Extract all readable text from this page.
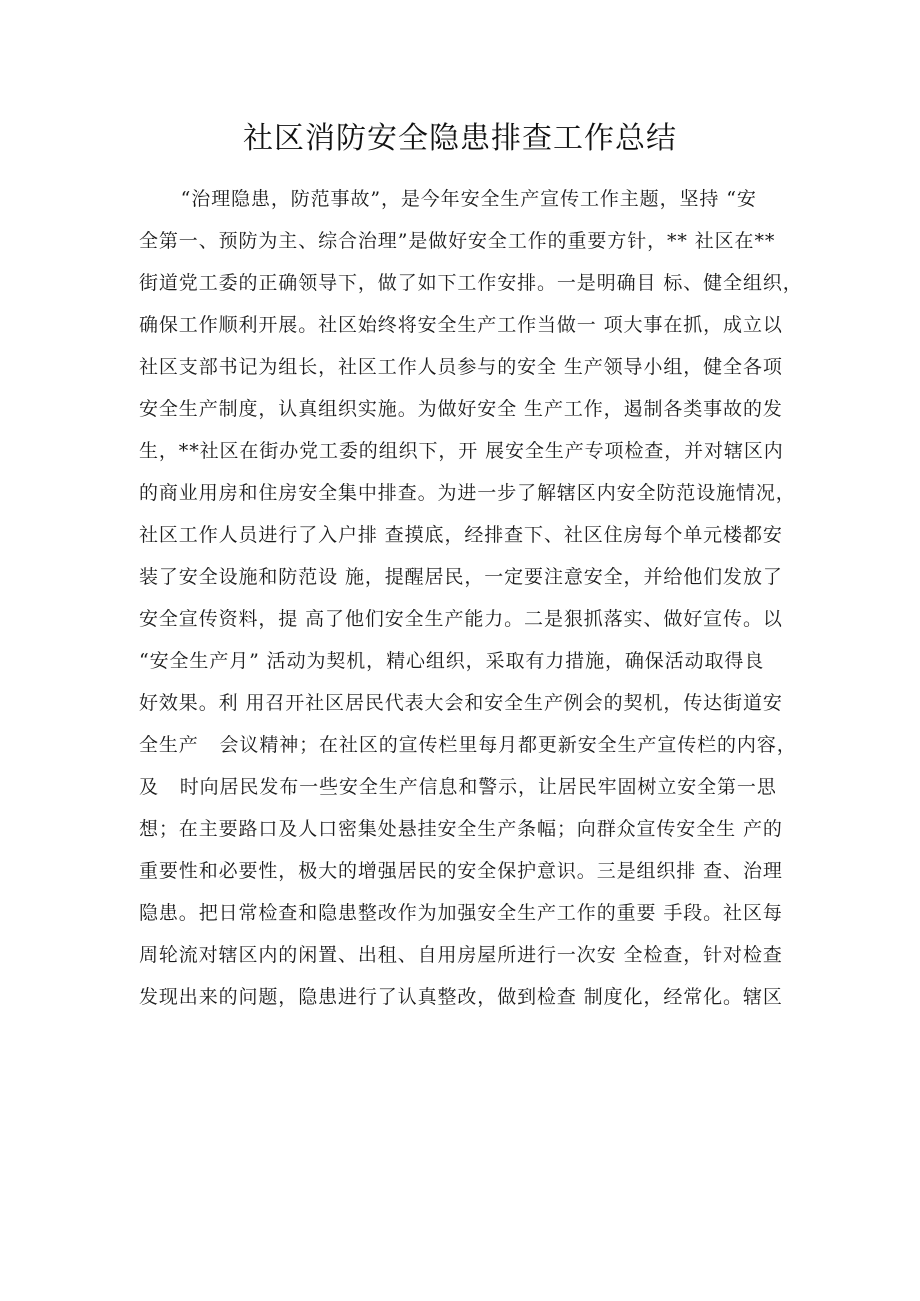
社区消防安全隐患排查工作总结
“治理隐患，防范事故”，是今年安全生产宣传工作主题，坚持 “安
全第一、预防为主、综合治理”是做好安全工作的重要方针，** 社区在**
街道党工委的正确领导下，做了如下工作安排。一是明确目 标、健全组织，
确保工作顺利开展。社区始终将安全生产工作当做一 项大事在抓，成立以
社区支部书记为组长，社区工作人员参与的安全 生产领导小组，健全各项
安全生产制度，认真组织实施。为做好安全 生产工作，遏制各类事故的发
生，**社区在街办党工委的组织下，开 展安全生产专项检查，并对辖区内
的商业用房和住房安全集中排查。为进一步了解辖区内安全防范设施情况，
社区工作人员进行了入户排 查摸底，经排查下、社区住房每个单元楼都安
装了安全设施和防范设 施，提醒居民，一定要注意安全，并给他们发放了
安全宣传资料，提 高了他们安全生产能力。二是狠抓落实、做好宣传。以
“安全生产月” 活动为契机，精心组织，采取有力措施，确保活动取得良
好效果。利 用召开社区居民代表大会和安全生产例会的契机，传达街道安
全生产   会议精神；在社区的宣传栏里每月都更新安全生产宣传栏的内容，
及   时向居民发布一些安全生产信息和警示，让居民牢固树立安全第一思
想；在主要路口及人口密集处悬挂安全生产条幅；向群众宣传安全生 产的
重要性和必要性，极大的增强居民的安全保护意识。三是组织排 查、治理
隐患。把日常检查和隐患整改作为加强安全生产工作的重要 手段。社区每
周轮流对辖区内的闲置、出租、自用房屋所进行一次安 全检查，针对检查
发现出来的问题，隐患进行了认真整改，做到检查 制度化，经常化。辖区
